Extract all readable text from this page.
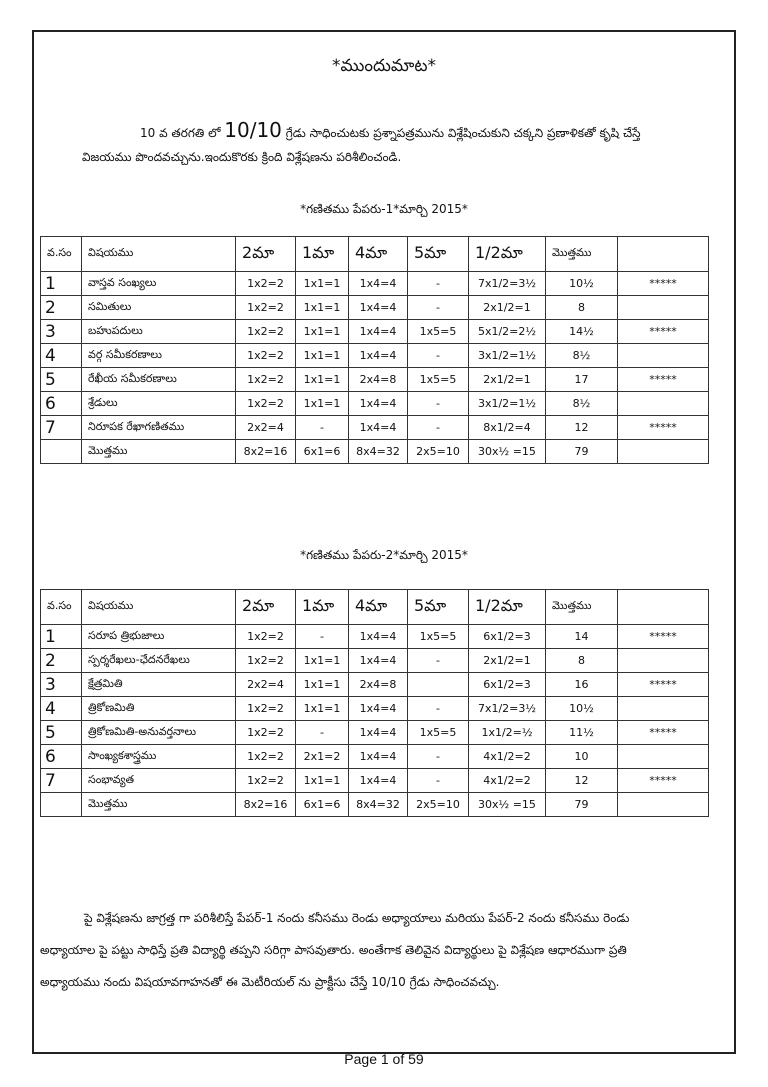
*ముందుమాట*
10 వ తరగతి లో 10/10 గ్రేడు సాధించుటకు ప్రశ్నాపత్రమును విశ్లేషించుకుని చక్కని ప్రణాళికతో కృషి చేస్తే
విజయము పొందవచ్చును.ఇందుకొరకు క్రింది విశ్లేషణను పరిశీలించండి.
*గణితము పేపరు-1*మార్చి 2015*
వ.సం	విషయము	2మా	1మా	4మా	5మా	1/2మా	మొత్తము	
1	వాస్తవ సంఖ్యలు	1x2=2	1x1=1	1x4=4	-	7x1/2=3½	10½	*****
2	సమితులు	1x2=2	1x1=1	1x4=4	-	2x1/2=1	8	
3	బహుపదులు	1x2=2	1x1=1	1x4=4	1x5=5	5x1/2=2½	14½	*****
4	వర్గ సమీకరణాలు	1x2=2	1x1=1	1x4=4	-	3x1/2=1½	8½	
5	రేఖీయ సమీకరణాలు	1x2=2	1x1=1	2x4=8	1x5=5	2x1/2=1	17	*****
6	శ్రేడులు	1x2=2	1x1=1	1x4=4	-	3x1/2=1½	8½	
7	నిరూపక రేఖాగణితము	2x2=4	-	1x4=4	-	8x1/2=4	12	*****
	మొత్తము	8x2=16	6x1=6	8x4=32	2x5=10	30x½ =15	79	
*గణితము పేపరు-2*మార్చి 2015*
వ.సం	విషయము	2మా	1మా	4మా	5మా	1/2మా	మొత్తము	
1	సరూప త్రిభుజాలు	1x2=2	-	1x4=4	1x5=5	6x1/2=3	14	*****
2	స్పర్శరేఖలు-ఛేదనరేఖలు	1x2=2	1x1=1	1x4=4	-	2x1/2=1	8	
3	క్షేత్రమితి	2x2=4	1x1=1	2x4=8		6x1/2=3	16	*****
4	త్రికోణమితి	1x2=2	1x1=1	1x4=4	-	7x1/2=3½	10½	
5	త్రికోణమితి-అనువర్తనాలు	1x2=2	-	1x4=4	1x5=5	1x1/2=½	11½	*****
6	సాంఖ్యకశాస్త్రము	1x2=2	2x1=2	1x4=4	-	4x1/2=2	10	
7	సంభావ్యత	1x2=2	1x1=1	1x4=4	-	4x1/2=2	12	*****
	మొత్తము	8x2=16	6x1=6	8x4=32	2x5=10	30x½ =15	79	
పై విశ్లేషణను జాగ్రత్త గా పరిశీలిస్తే పేపర్-1 నందు కనీసము రెండు అధ్యాయాలు మరియు పేపర్-2 నందు కనీసము రెండు
అధ్యాయాల పై పట్టు సాధిస్తే ప్రతి విద్యార్థి తప్పని సరిగ్గా పాసవుతారు. అంతేగాక తెలివైన విద్యార్థులు పై విశ్లేషణ ఆధారముగా ప్రతి
అధ్యాయము నందు విషయావగాహనతో ఈ మెటీరియల్ ను ప్రాక్టీసు చేస్తే 10/10 గ్రేడు సాధించవచ్చు.
Page 1 of 59
